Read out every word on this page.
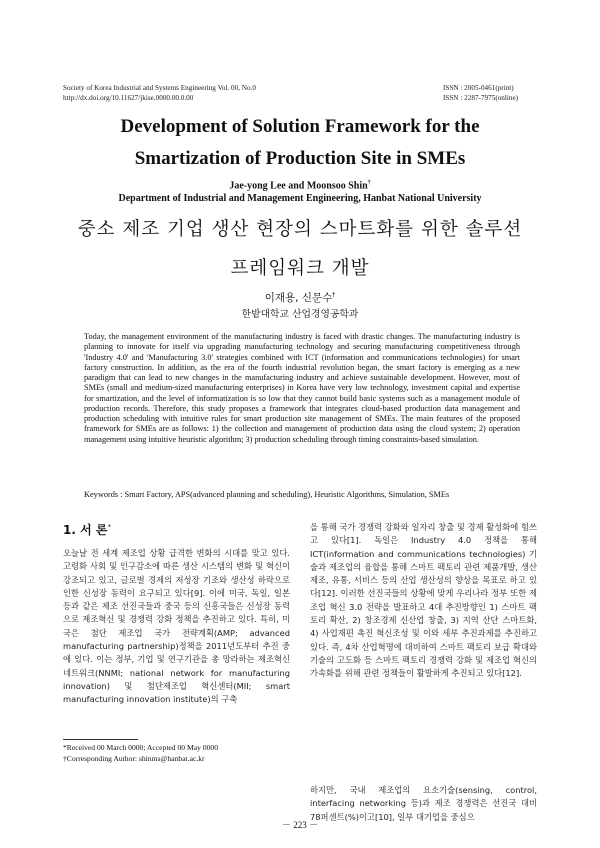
Society of Korea Industrial and Systems Engineering Vol. 00, No.0
http://dx.doi.org/10.11627/jkise.0000.00.0.00
ISSN : 2005-0461(print)
ISSN : 2287-7975(online)
Development of Solution Framework for the
Smartization of Production Site in SMEs
Jae-yong Lee and Moonsoo Shin†
Department of Industrial and Management Engineering, Hanbat National University
중소 제조 기업 생산 현장의 스마트화를 위한 솔루션
프레임워크 개발
이재용, 신문수†
한밭대학교 산업경영공학과

Today, the management environment of the manufacturing industry is faced with drastic changes. The manufacturing industry is planning to innovate for itself via upgrading manufacturing technology and securing manufacturing competitiveness through 'Industry 4.0' and 'Manufacturing 3.0' strategies combined with ICT (information and communications technologies) for smart factory construction. In addition, as the era of the fourth industrial revolution began, the smart factory is emerging as a new paradigm that can lead to new changes in the manufacturing industry and achieve sustainable development. However, most of SMEs (small and medium-sized manufacturing enterprises) in Korea have very low technology, investment capital and expertise for smartization, and the level of informatization is so low that they cannot build basic systems such as a management module of production records. Therefore, this study proposes a framework that integrates cloud-based production data management and production scheduling with intuitive rules for smart production site management of SMEs. The main features of the proposed framework for SMEs are as follows: 1) the collection and management of production data using the cloud system; 2) operation management using intuitive heuristic algorithm; 3) production scheduling through timing constraints-based simulation.

Keywords : Smart Factory, APS(advanced planning and scheduling), Heuristic Algorithms, Simulation, SMEs

1. 서 론*

오늘날 전 세계 제조업 상황 급격한 변화의 시대를 맞고 있다. 고령화 사회 및 인구감소에 따른 생산 시스템의 변화 및 혁신이 강조되고 있고, 글로벌 경제의 저성장 기조와 생산성 하락으로 인한 신성장 동력이 요구되고 있다[9]. 이에 미국, 독일, 일본 등과 같은 제조 선진국들과 중국 등의 신흥국들은 신성장 동력으로 제조혁신 및 경쟁력 강화 정책을 추진하고 있다. 특히, 미국은 첨단 제조업 국가 전략계획(AMP; advanced manufacturing partnership)정책을 2011년도부터 추진 중에 있다. 이는 정부, 기업 및 연구기관을 총 망라하는 제조혁신네트워크(NNMI; national network for manufacturing innovation) 및 첨단제조업 혁신센터(MII; smart manufacturing innovation institute)의 구축

을 통해 국가 경쟁력 강화와 일자리 창출 및 경제 활성화에 힘쓰고 있다[1]. 독일은 Industry 4.0 정책을 통해 ICT(information and communications technologies) 기술과 제조업의 융합을 통해 스마트 팩토리 관련 제품개발, 생산제조, 유통, 서비스 등의 산업 생산성의 향상을 목표로 하고 있다[12]. 이러한 선진국들의 상황에 맞게 우리나라 정부 또한 제조업 혁신 3.0 전략을 발표하고 4대 추진방향인 1) 스마트 팩토리 확산, 2) 창조경제 신산업 창출, 3) 지역 산단 스마트화, 4) 사업재편 촉진 혁신조성 및 이와 세부 추진과제를 추진하고 있다. 즉, 4차 산업혁명에 대비하여 스마트 팩토리 보급 확대와 기술의 고도화 등 스마트 팩토리 경쟁력 강화 및 제조업 혁신의 가속화를 위해 관련 정책들이 활발하게 추진되고 있다[12].

하지만, 국내 제조업의 요소기술(sensing, control, interfacing networking 등)과 제조 경쟁력은 선진국 대비 78퍼센트(%)이고[10], 일부 대기업을 중심으

*Received 00 March 0000; Accepted 00 May 0000
†Corresponding Author: shinms@hanbat.ac.kr
－ 223 －
